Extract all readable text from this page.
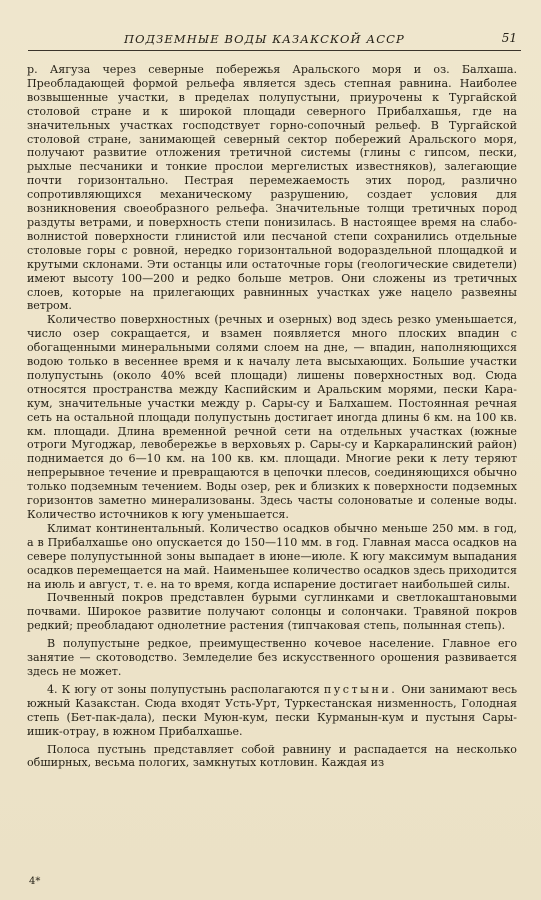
ПОДЗЕМНЫЕ ВОДЫ КАЗАКСКОЙ АССР	51

р. Аягуза через северные побережья Аральского моря и оз. Балхаша. Преобладающей формой рельефа является здесь степная равнина. Наиболее возвышенные участки, в пределах полупустыни, приурочены к Тургайской столовой стране и к широкой площади северного Прибалхашья, где на значительных участках господствует горно-сопочный рельеф. В Тургайской столовой стране, занимающей северный сектор побережий Аральского моря, получают развитие отложения третичной системы (глины с гипсом, пески, рыхлые песчаники и тонкие прослои мергелистых известняков), залегающие почти горизонтально. Пестрая перемежаемость этих пород, различно сопротивляющихся механическому разрушению, создает условия для возникновения своеобразного рельефа. Значительные толщи третичных пород раздуты ветрами, и поверхность степи понизилась. В настоящее время на слабо-волнистой поверхности глинистой или песчаной степи сохранились отдельные столовые горы с ровной, нередко горизонтальной водораздельной площадкой и крутыми склонами. Эти останцы или остаточные горы (геологические свидетели) имеют высоту 100—200 и редко больше метров. Они сложены из третичных слоев, которые на прилегающих равнинных участках уже нацело развеяны ветром.

Количество поверхностных (речных и озерных) вод здесь резко уменьшается, число озер сокращается, и взамен появляется много плоских впадин с обогащенными минеральными солями слоем на дне, — впадин, наполняющихся водою только в весеннее время и к началу лета высыхающих. Большие участки полупустынь (около 40% всей площади) лишены поверхностных вод. Сюда относятся пространства между Каспийским и Аральским морями, пески Кара-кум, значительные участки между р. Сары-су и Балхашем. Постоянная речная сеть на остальной площади полупустынь достигает иногда длины 6 км. на 100 кв. км. площади. Длина временной речной сети на отдельных участках (южные отроги Мугоджар, левобережье в верховьях р. Сары-су и Каркаралинский район) поднимается до 6—10 км. на 100 кв. км. площади. Многие реки к лету теряют непрерывное течение и превращаются в цепочки плесов, соединяющихся обычно только подземным течением. Воды озер, рек и близких к поверхности подземных горизонтов заметно минерализованы. Здесь часты солоноватые и соленые воды. Количество источников к югу уменьшается.

Климат континентальный. Количество осадков обычно меньше 250 мм. в год, а в Прибалхашье оно опускается до 150—110 мм. в год. Главная масса осадков на севере полупустынной зоны выпадает в июне—июле. К югу максимум выпадания осадков перемещается на май. Наименьшее количество осадков здесь приходится на июль и август, т. е. на то время, когда испарение достигает наибольшей силы.

Почвенный покров представлен бурыми суглинками и светлокаштановыми почвами. Широкое развитие получают солонцы и солончаки. Травяной покров редкий; преобладают однолетние растения (типчаковая степь, полынная степь).

В полупустыне редкое, преимущественно кочевое население. Главное его занятие — скотоводство. Земледелие без искусственного орошения развивается здесь не может.

4. К югу от зоны полупустынь располагаются пустыни. Они занимают весь южный Казакстан. Сюда входят Усть-Урт, Туркестанская низменность, Голодная степь (Бет-пак-дала), пески Муюн-кум, пески Курманын-кум и пустыня Сары-ишик-отрау, в южном Прибалхашье.

Полоса пустынь представляет собой равнину и распадается на несколько обширных, весьма пологих, замкнутых котловин. Каждая из

4*
